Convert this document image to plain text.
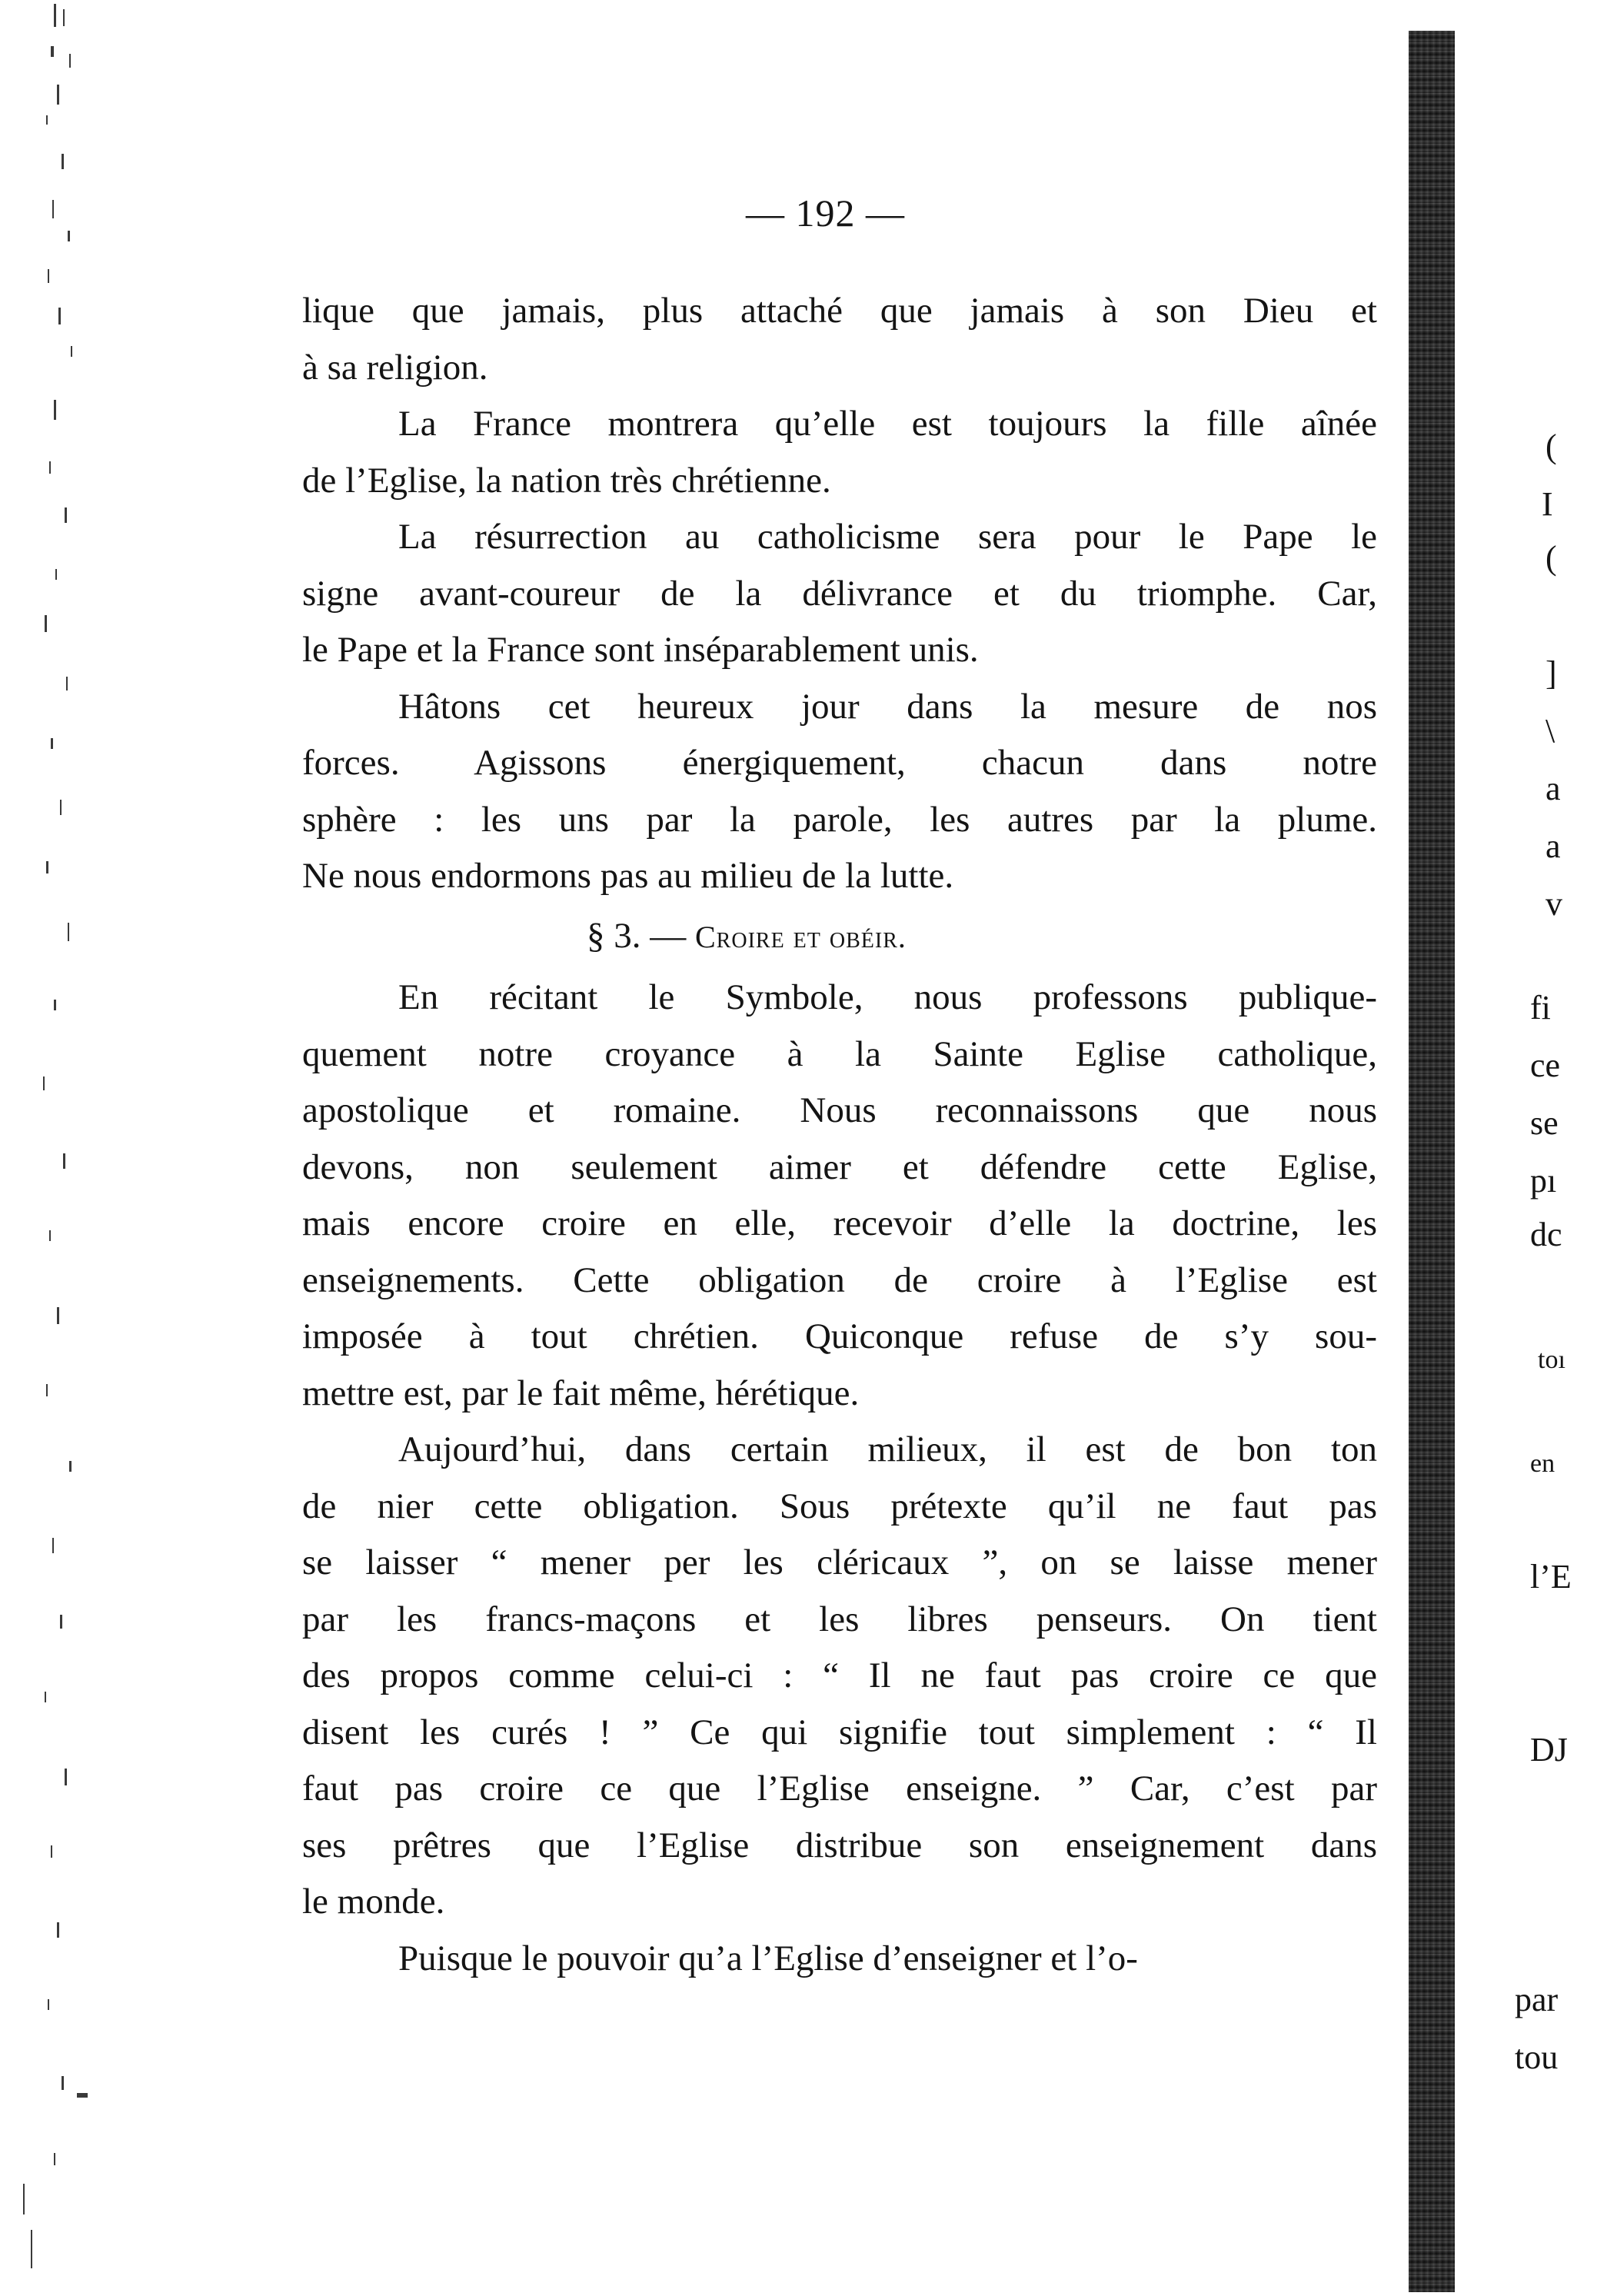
— 192 —
lique que jamais, plus attaché que jamais à son Dieu et
à sa religion.
La France montrera qu’elle est toujours la fille aînée
de l’Eglise, la nation très chrétienne.
La résurrection au catholicisme sera pour le Pape le
signe avant-coureur de la délivrance et du triomphe. Car,
le Pape et la France sont inséparablement unis.
Hâtons cet heureux jour dans la mesure de nos
forces. Agissons énergiquement, chacun dans notre
sphère : les uns par la parole, les autres par la plume.
Ne nous endormons pas au milieu de la lutte.
§ 3. — Croire et obéir.
En récitant le Symbole, nous professons publique-
quement notre croyance à la Sainte Eglise catholique,
apostolique et romaine. Nous reconnaissons que nous
devons, non seulement aimer et défendre cette Eglise,
mais encore croire en elle, recevoir d’elle la doctrine, les
enseignements. Cette obligation de croire à l’Eglise est
imposée à tout chrétien. Quiconque refuse de s’y sou-
mettre est, par le fait même, hérétique.
Aujourd’hui, dans certain milieux, il est de bon ton
de nier cette obligation. Sous prétexte qu’il ne faut pas
se laisser “ mener per les cléricaux ”, on se laisse mener
par les francs-maçons et les libres penseurs. On tient
des propos comme celui-ci : “ Il ne faut pas croire ce que
disent les curés ! ” Ce qui signifie tout simplement : “ Il
faut pas croire ce que l’Eglise enseigne. ” Car, c’est par
ses prêtres que l’Eglise distribue son enseignement dans
le monde.
Puisque le pouvoir qu’a l’Eglise d’enseigner et l’o-
(
I
(
]
\
a
a
v
fi
ce
se
pı
dc
toı
en
l’E
DJ
par
tou
